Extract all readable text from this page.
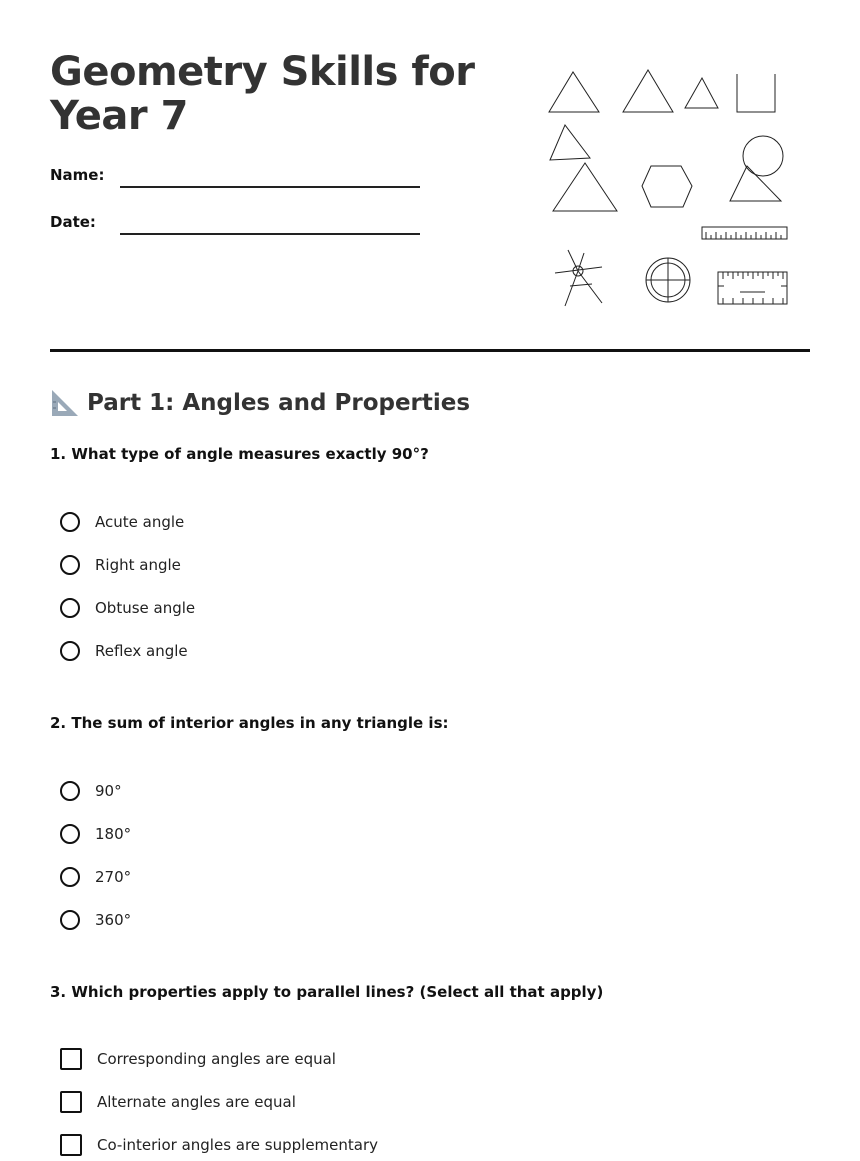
Geometry Skills for Year 7
Name:
Date:
Part 1: Angles and Properties
1. What type of angle measures exactly 90°?
Acute angle
Right angle
Obtuse angle
Reflex angle
2. The sum of interior angles in any triangle is:
90°
180°
270°
360°
3. Which properties apply to parallel lines? (Select all that apply)
Corresponding angles are equal
Alternate angles are equal
Co-interior angles are supplementary
